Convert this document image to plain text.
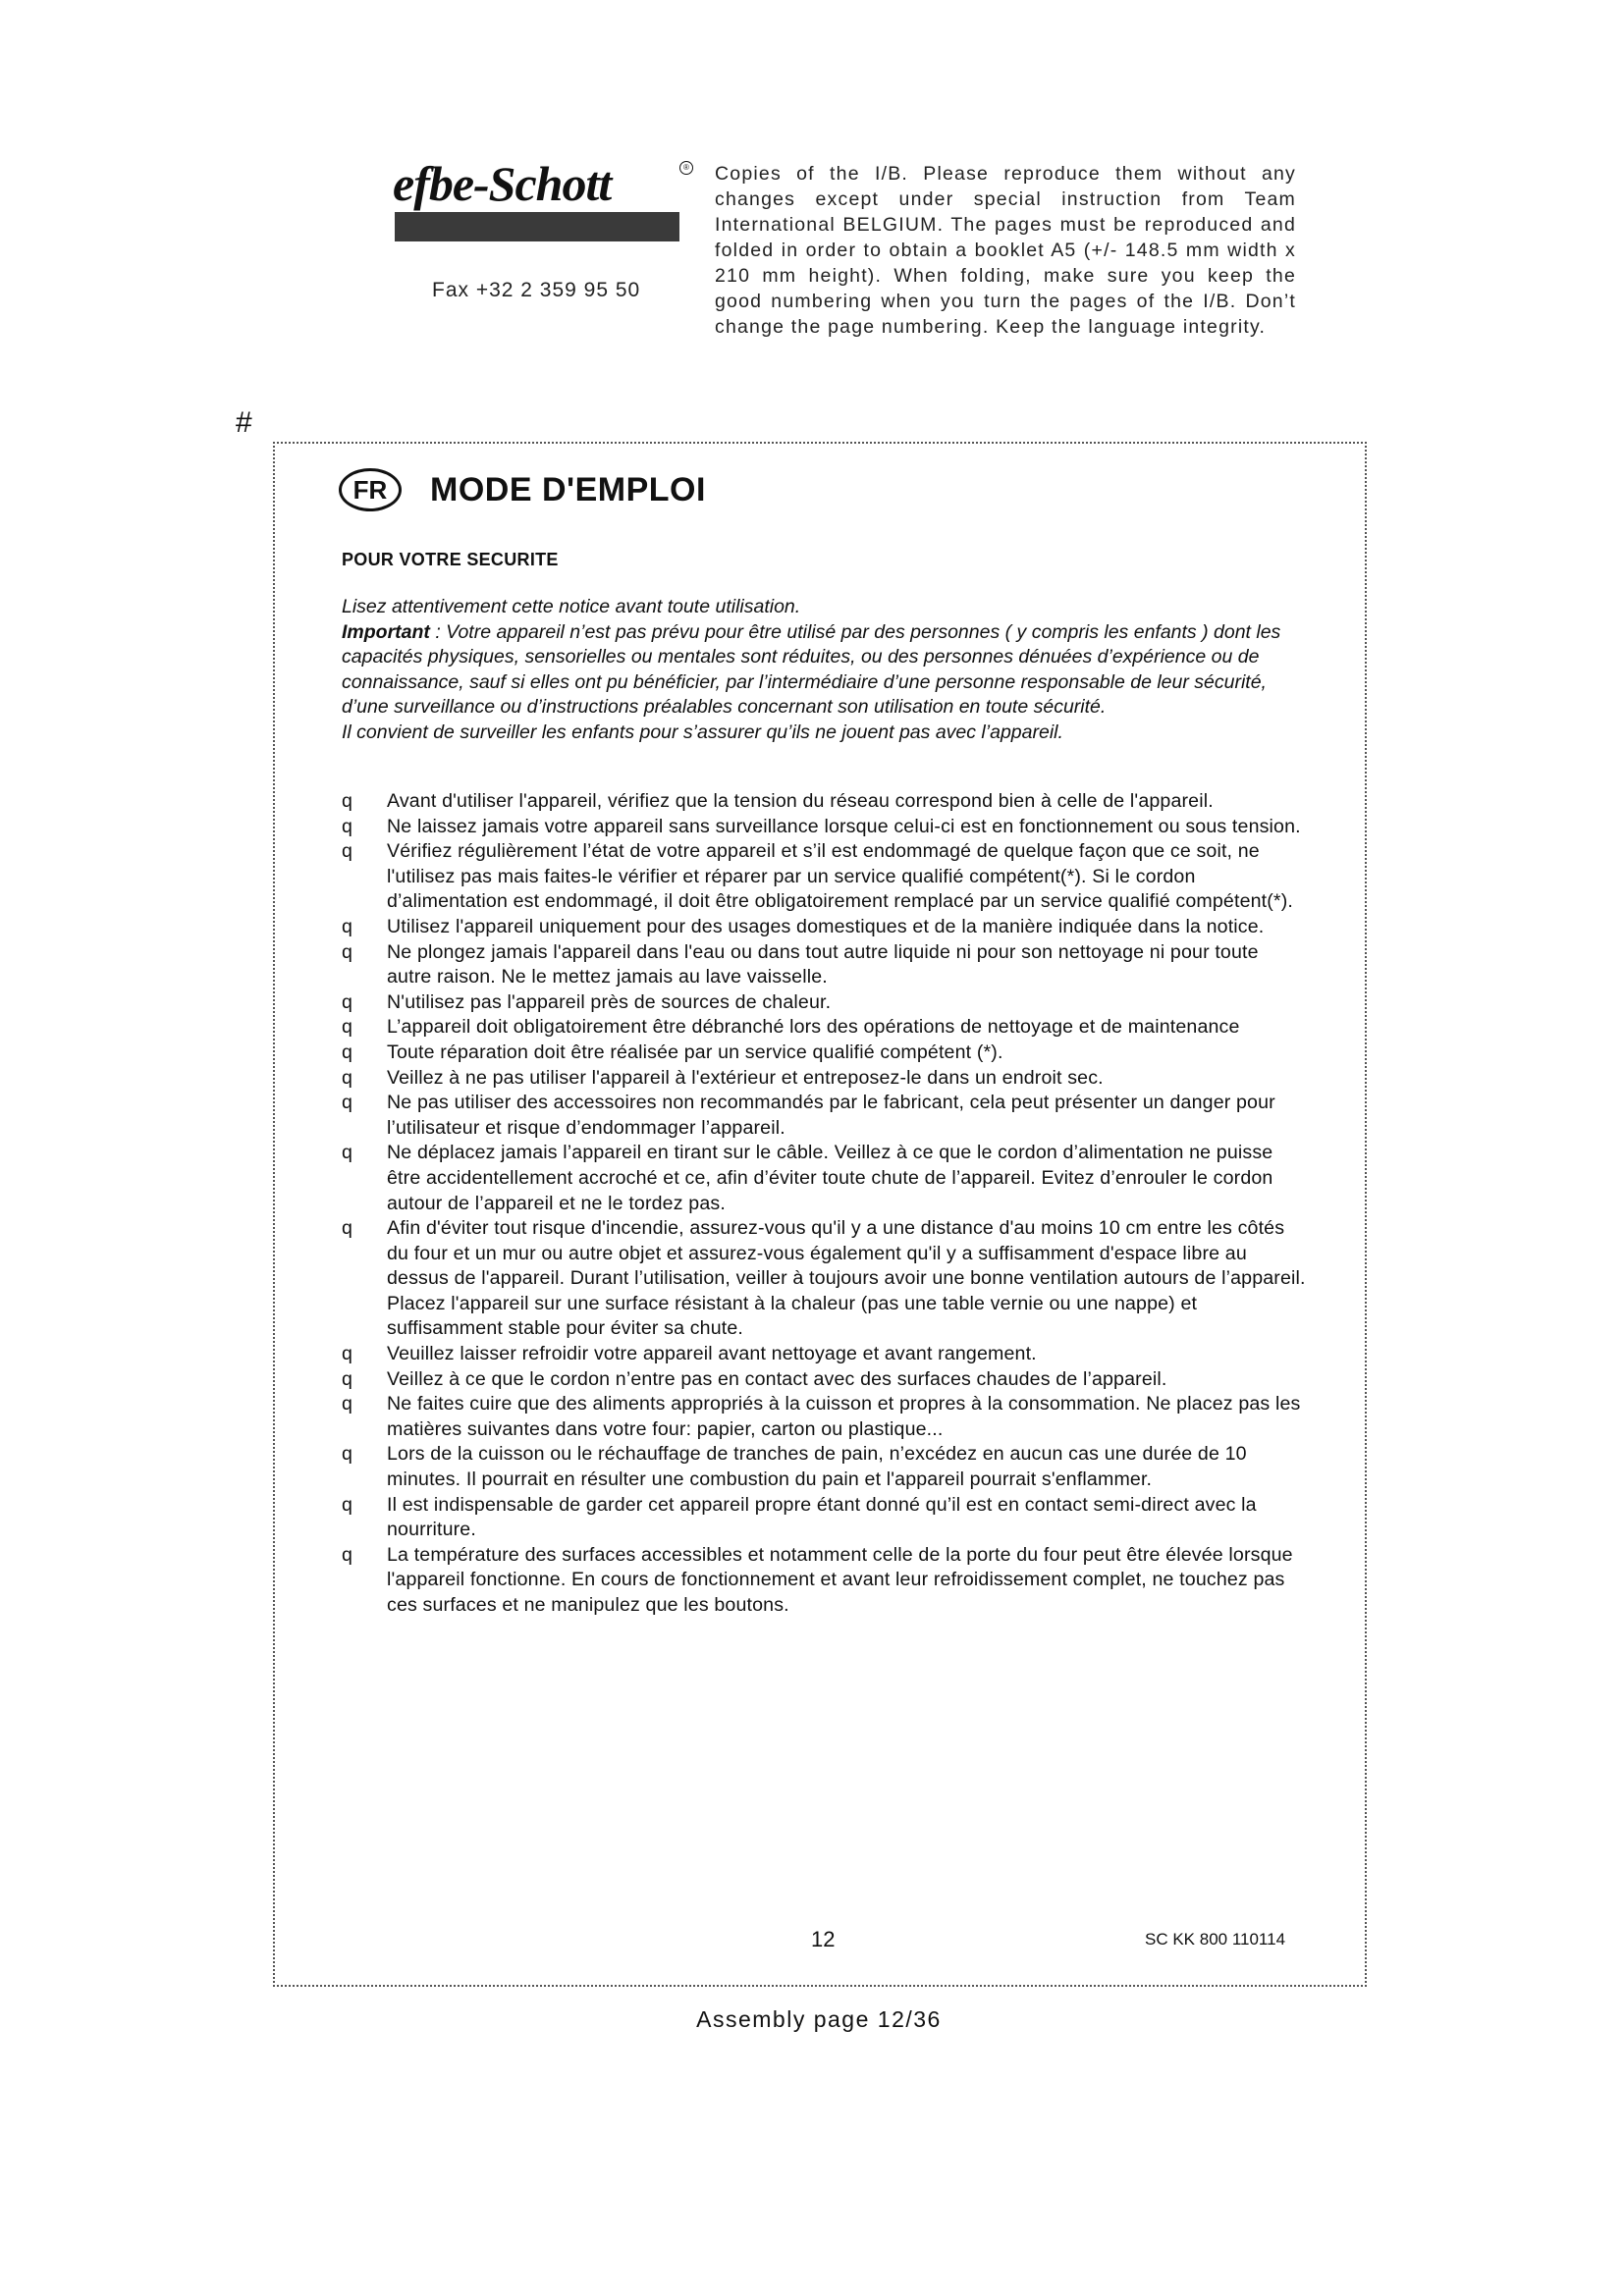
efbe-Schott	®
Fax +32 2 359 95 50
Copies of the I/B. Please reproduce them without any changes except under special instruction from Team International BELGIUM. The pages must be reproduced and folded in order to obtain a booklet A5 (+/- 148.5 mm width x 210 mm height). When folding, make sure you keep the good numbering when you turn the pages of the I/B. Don’t change the page numbering. Keep the language integrity.
#
FR	MODE D'EMPLOI
POUR VOTRE SECURITE

Lisez attentivement cette notice avant toute utilisation.

Important : Votre appareil n’est pas prévu pour être utilisé par des personnes ( y compris les enfants ) dont les capacités physiques, sensorielles ou mentales sont réduites, ou des personnes dénuées d’expérience ou de connaissance, sauf si elles ont pu bénéficier, par l’intermédiaire d’une personne responsable de leur sécurité, d’une surveillance ou d’instructions préalables concernant son utilisation en toute sécurité.

Il convient de surveiller les enfants pour s’assurer qu’ils ne jouent pas avec l’appareil.

q	Avant d'utiliser l'appareil, vérifiez que la tension du réseau correspond bien à celle de l'appareil.
q	Ne laissez jamais votre appareil sans surveillance lorsque celui-ci est en fonctionnement ou sous tension.
q	Vérifiez régulièrement l’état de votre appareil et s’il est endommagé de quelque façon que ce soit, ne l'utilisez pas mais faites-le vérifier et réparer par un service qualifié compétent(*). Si le cordon d’alimentation est endommagé, il doit être obligatoirement remplacé par un service qualifié compétent(*).
q	Utilisez l'appareil uniquement pour des usages domestiques et de la manière indiquée dans la notice.
q	Ne plongez jamais l'appareil dans l'eau ou dans tout autre liquide ni pour son nettoyage ni pour toute autre raison. Ne le mettez jamais au lave vaisselle.
q	N'utilisez pas l'appareil près de sources de chaleur.
q	L’appareil doit obligatoirement être débranché lors des opérations de nettoyage et de maintenance
q	Toute réparation doit être réalisée par un service qualifié compétent (*).
q	Veillez à ne pas utiliser l'appareil à l'extérieur et entreposez-le dans un endroit sec.
q	Ne pas utiliser des accessoires non recommandés par le fabricant, cela peut présenter un danger pour l’utilisateur et risque d’endommager l’appareil.
q	Ne déplacez jamais l’appareil en tirant sur le câble. Veillez à ce que le cordon d’alimentation ne puisse être accidentellement accroché et ce, afin d’éviter toute chute de l’appareil. Evitez d’enrouler le cordon autour de l’appareil et ne le tordez pas.
q	Afin d'éviter tout risque d'incendie, assurez-vous qu'il y a une distance d'au moins 10 cm entre les côtés du four et un mur ou autre objet et assurez-vous également qu'il y a suffisamment d'espace libre au dessus de l'appareil. Durant l’utilisation, veiller à toujours avoir une bonne ventilation autours de l’appareil. Placez l'appareil sur une surface résistant à la chaleur (pas une table vernie ou une nappe) et suffisamment stable pour éviter sa chute.
q	Veuillez laisser refroidir votre appareil avant nettoyage et avant rangement.
q	Veillez à ce que le cordon n’entre pas en contact avec des surfaces chaudes de l’appareil.
q	Ne faites cuire que des aliments appropriés à la cuisson et propres à la consommation. Ne placez pas les matières suivantes dans votre four: papier, carton ou plastique...
q	Lors de la cuisson ou le réchauffage de tranches de pain, n’excédez en aucun cas une durée de 10 minutes. Il pourrait en résulter une combustion du pain et l'appareil pourrait s'enflammer.
q	Il est indispensable de garder cet appareil propre étant donné qu’il est en contact semi-direct avec la nourriture.
q	La température des surfaces accessibles et notamment celle de la porte du four peut être élevée lorsque l'appareil fonctionne. En cours de fonctionnement et avant leur refroidissement complet, ne touchez pas ces surfaces et ne manipulez que les boutons.
12	SC KK 800 110114
Assembly page 12/36
